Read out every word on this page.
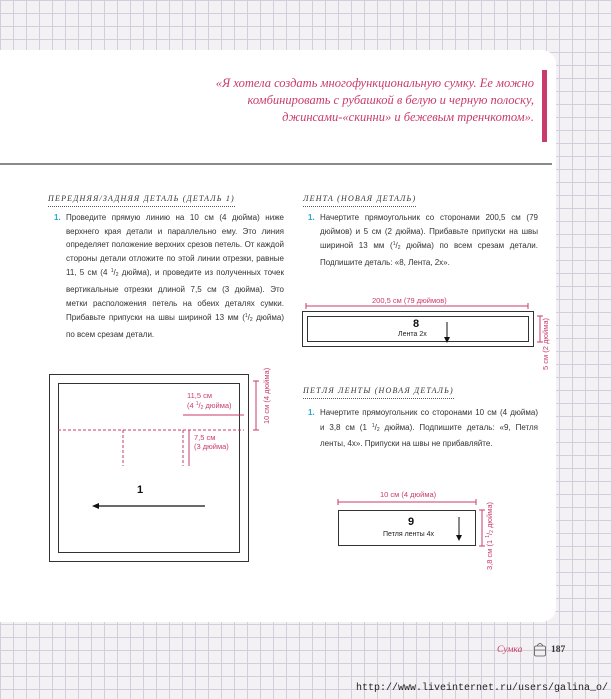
«Я хотела создать многофункциональную сумку. Ее можно
комбинировать с рубашкой в белую и черную полоску,
джинсами-«скинни» и бежевым тренчкотом».
ПЕРЕДНЯЯ/ЗАДНЯЯ ДЕТАЛЬ (ДЕТАЛЬ 1)
1. Проведите прямую линию на 10 см (4 дюйма) ниже верхнего края детали и параллельно ему. Это линия определяет положение верхних срезов петель. От каждой стороны детали отложите по этой линии отрезки, равные 11, 5 см (4 $^1/_2$ дюйма), и проведите из полученных точек вертикальные отрезки длиной 7,5 см (3 дюйма). Это метки расположения петель на обеих деталях сумки. Прибавьте припуски на швы шириной 13 мм ($^1/_2$ дюйма) по всем срезам детали.
ЛЕНТА (НОВАЯ ДЕТАЛЬ)
1. Начертите прямоугольник со сторонами 200,5 см (79 дюймов) и 5 см (2 дюйма). Прибавьте припуски на швы шириной 13 мм ($^1/_2$ дюйма) по всем срезам детали. Подпишите деталь: «8, Лента, 2х».
ПЕТЛЯ ЛЕНТЫ (НОВАЯ ДЕТАЛЬ)
1. Начертите прямоугольник со сторонами 10 см (4 дюйма) и 3,8 см (1 $^1/_2$ дюйма). Подпишите деталь: «9, Петля ленты, 4х». Припуски на швы не прибавляйте.
11,5 см
(4 $^1/_2$ дюйма)
7,5 см
(3 дюйма)
10 см (4 дюйма)
1
200,5 см (79 дюймов)
5 см (2 дюйма)
8
Лента 2х
10 см (4 дюйма)
3,8 см (1 $^1/_2$ дюйма)
9
Петля ленты 4х
Сумка	187
http://www.liveinternet.ru/users/galina_o/
